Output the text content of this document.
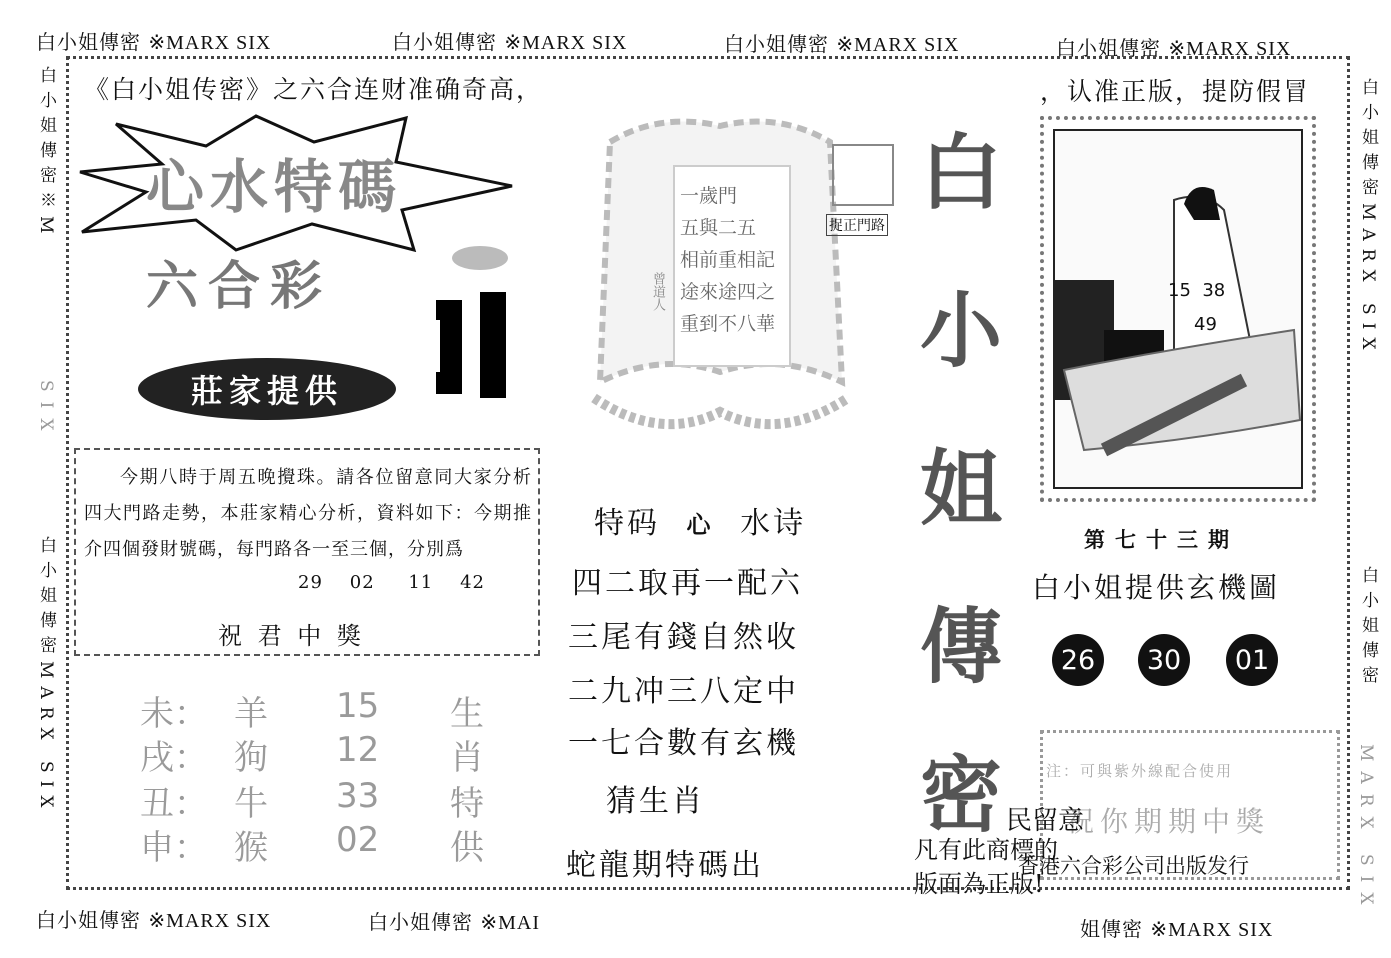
白小姐傳密 ※MARX SIX	白小姐傳密 ※MARX SIX	白小姐傳密 ※MARX SIX	白小姐傳密 ※MARX SIX
白小姐傳密 ※MARX SIX	白小姐傳密 ※MAI	姐傳密 ※MARX SIX
白小姐傳密※M
SIX
白小姐傳密MARX SIX
白小姐傳密MARX SIX
白小姐傳密
MARX SIX
《白小姐传密》之六合连财准确奇高，	，认准正版，提防假冒
心水特碼
六合彩
莊家提供
今期八時于周五晚攪珠。請各位留意同大家分析四大門路走勢，本莊家精心分析，資料如下：今期推介四個發財號碼，每門路各一至三個，分別爲
29 02 11 42
祝 君 中 獎
未： 羊 15 生
戌： 狗 12 肖
丑： 牛 33 特
申： 猴 02 供
一歲門
五與二五
相前重相記
途來途四之
重到不八華
曾道人
捉正門路
特码 心 水诗
四二取再一配六
三尾有錢自然收
二九冲三八定中
一七合數有玄機
猜生肖
蛇龍期特碼出
白
小
姐
傳
密
15 38
49
第七十三期
白小姐提供玄機圖
26	30	01
注：可與紫外線配合使用
祝你期期中獎
民留意
凡有此商標的
版面為正版!
香港六合彩公司出版发行
